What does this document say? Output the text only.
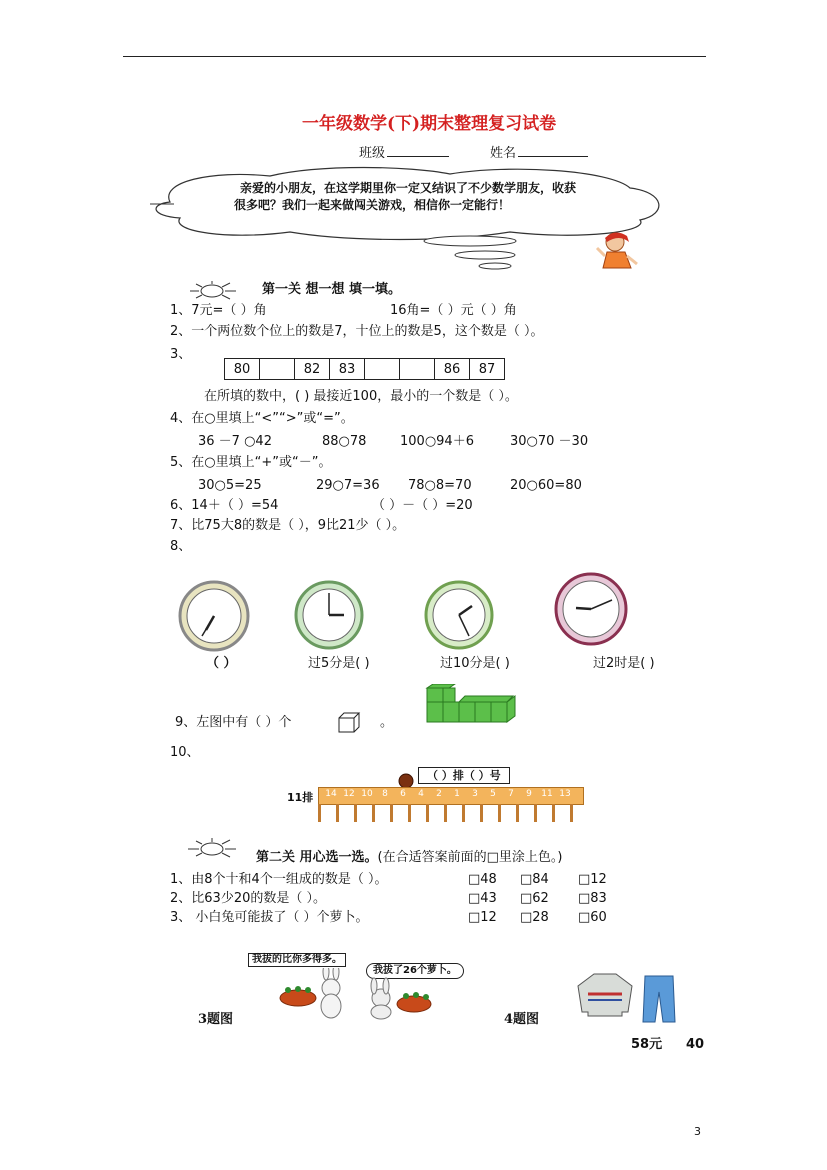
一年级数学(下)期末整理复习试卷
班级	姓名
亲爱的小朋友，在这学期里你一定又结识了不少数学朋友，收获
很多吧？我们一起来做闯关游戏，相信你一定能行！
第一关 想一想 填一填。
1、7元=（ ）角	16角=（ ）元（ ）角
2、一个两位数个位上的数是7，十位上的数是5，这个数是（ ）。
3、
80		82	83			86	87
在所填的数中，( ) 最接近100，最小的一个数是（ ）。
4、在○里填上“<”“>”或“=”。
36 －7 ○42	88○78	100○94＋6	30○70 －30
5、在○里填上“+”或“－”。
30○5=25	29○7=36 78○8=70	20○60=80
6、14＋（ ）=54	（ ）－（ ）=20
7、比75大8的数是（ ），9比21少（ ）。
8、
（ ）	过5分是( )	过10分是( )	过2时是( )
9、左图中有（ ）个	。
10、
（ ）排（ ）号
11排	14 12 10	8	6	4	2	1	3	5	7	9	11 13
第二关 用心选一选。(在合适答案前面的□里涂上色。)
1、由8个十和4个一组成的数是（ ）。	□48 □84 □12
2、比63少20的数是（ ）。	□43 □62 □83
3、 小白兔可能拔了（ ）个萝卜。	□12 □28 □60
我拔的比你多得多。
我拔了26个萝卜。
3题图	4题图
58元 40
3
